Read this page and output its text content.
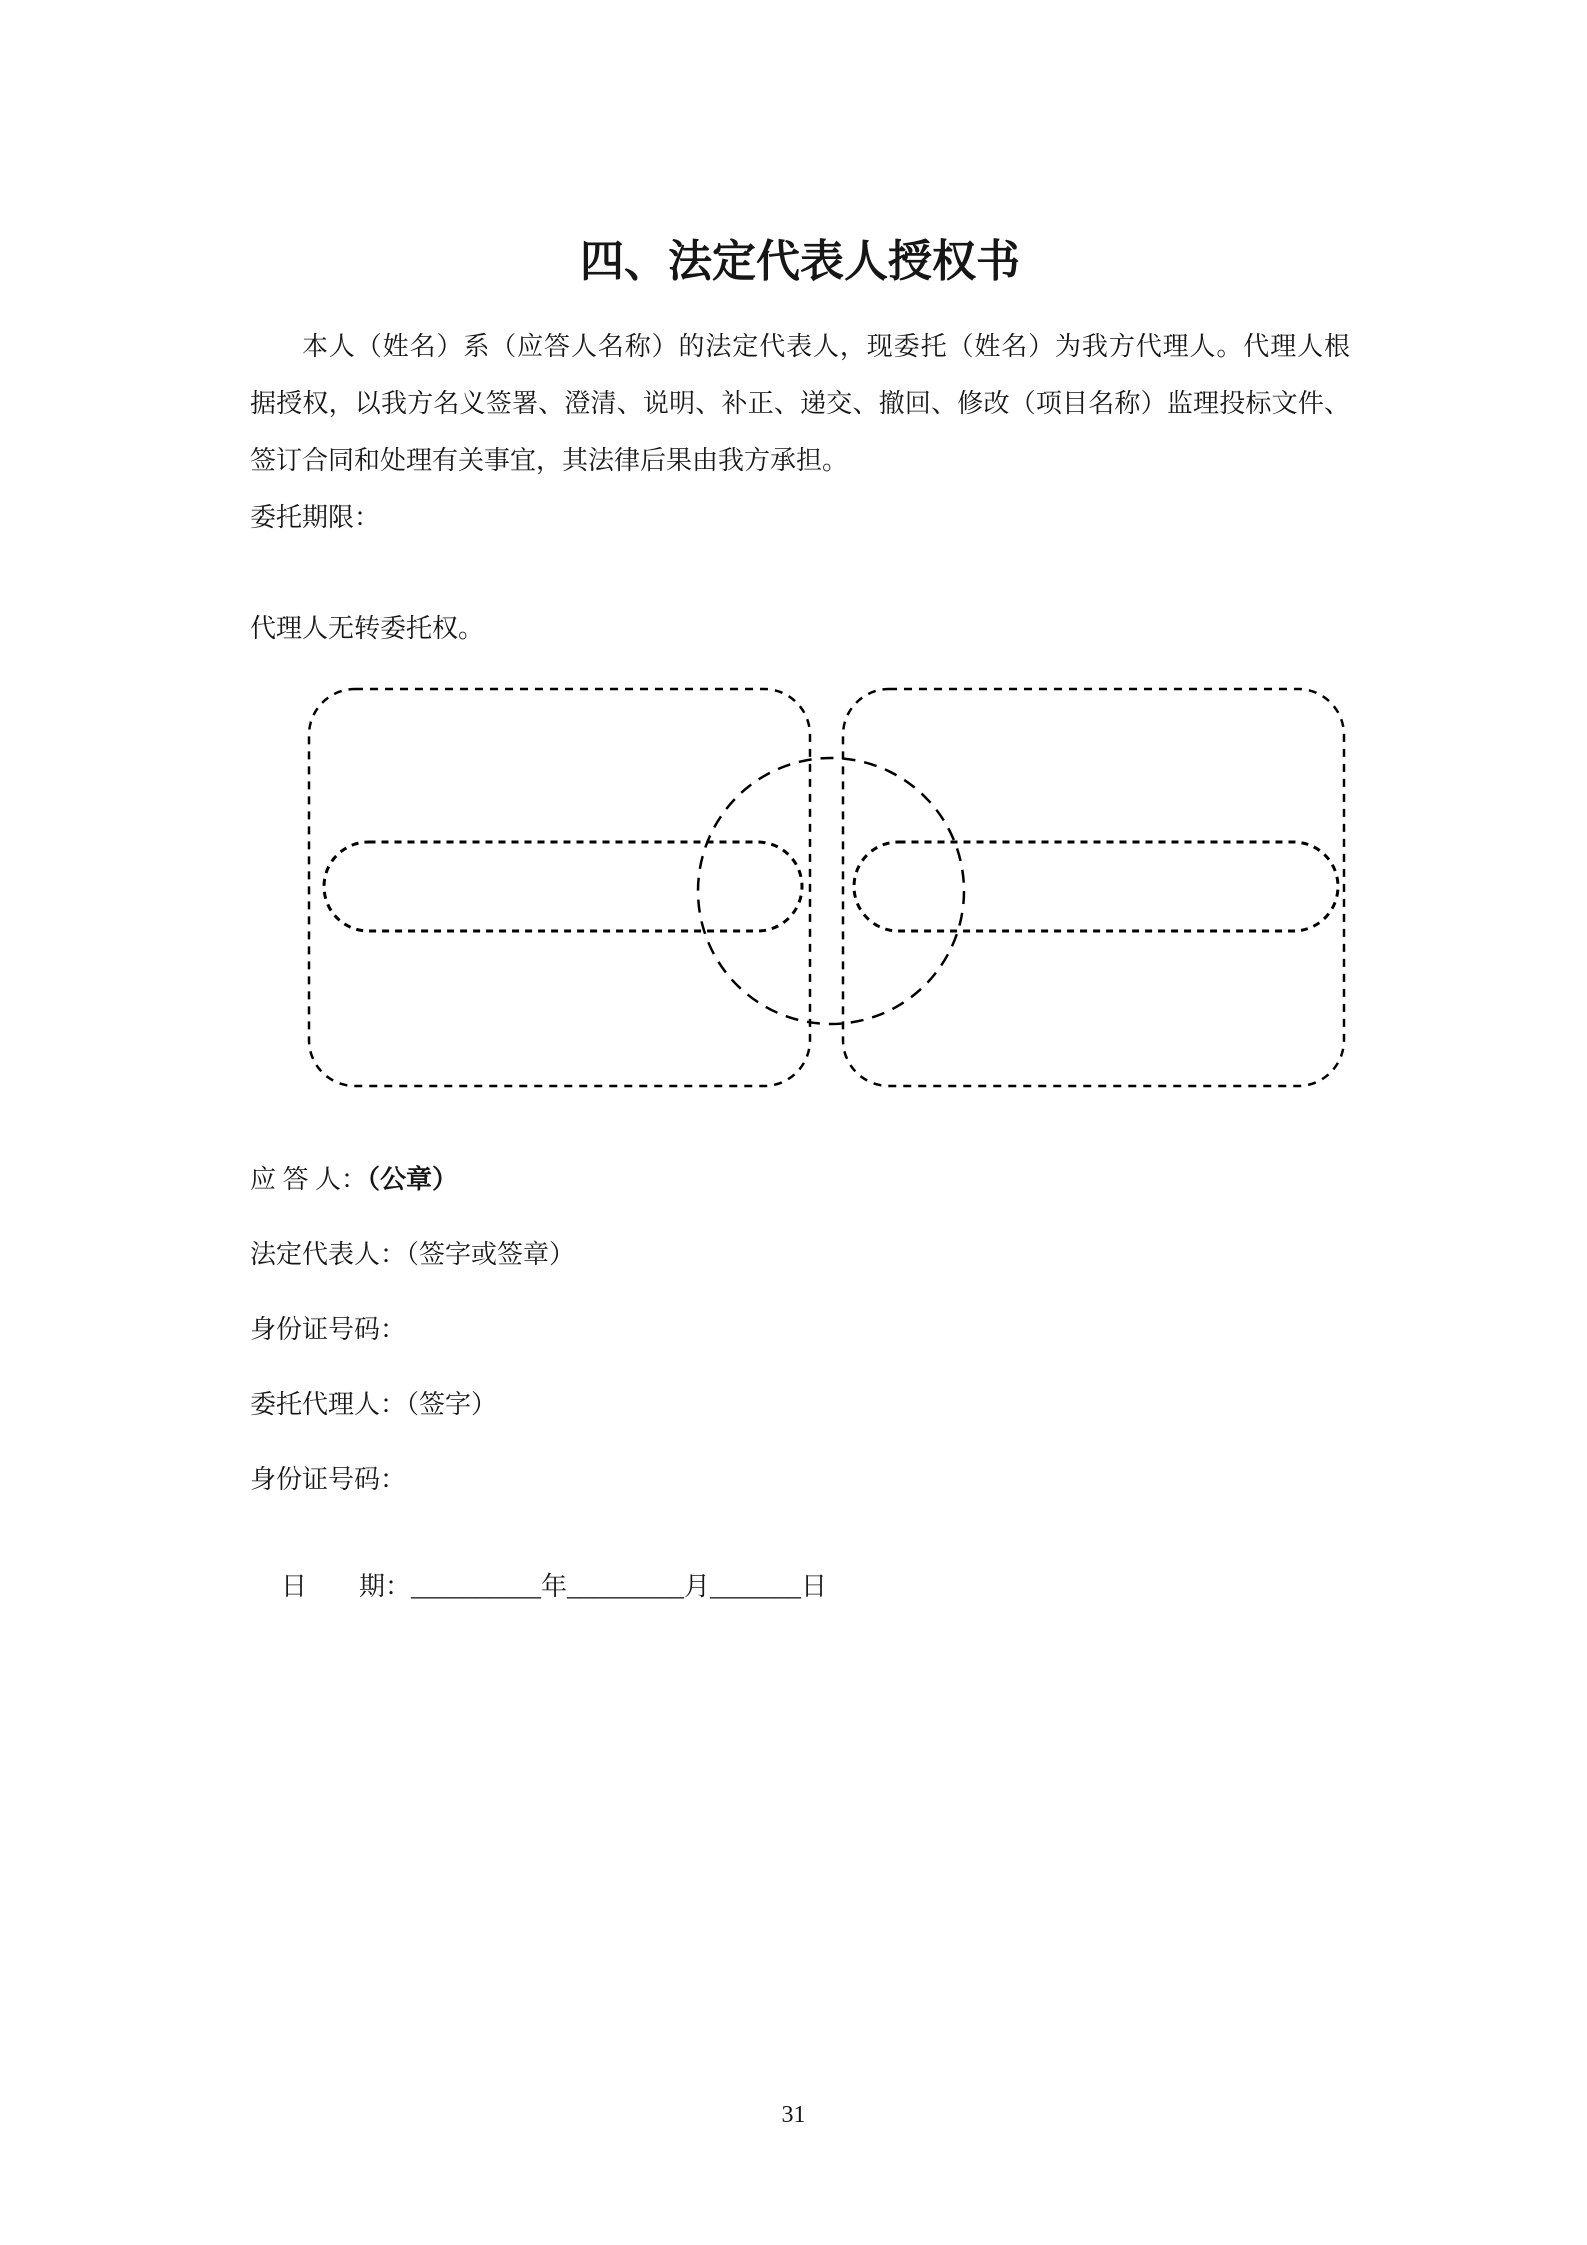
四、法定代表人授权书
本人（姓名）系（应答人名称）的法定代表人，现委托（姓名）为我方代理人。代理人根
据授权，以我方名义签署、澄清、说明、补正、递交、撤回、修改（项目名称）监理投标文件、
签订合同和处理有关事宜，其法律后果由我方承担。
委托期限：
代理人无转委托权。
应 答 人：（公章）
法定代表人：（签字或签章）
身份证号码：
委托代理人：（签字）
身份证号码：
日　　期：__________年_________月_______日
31
